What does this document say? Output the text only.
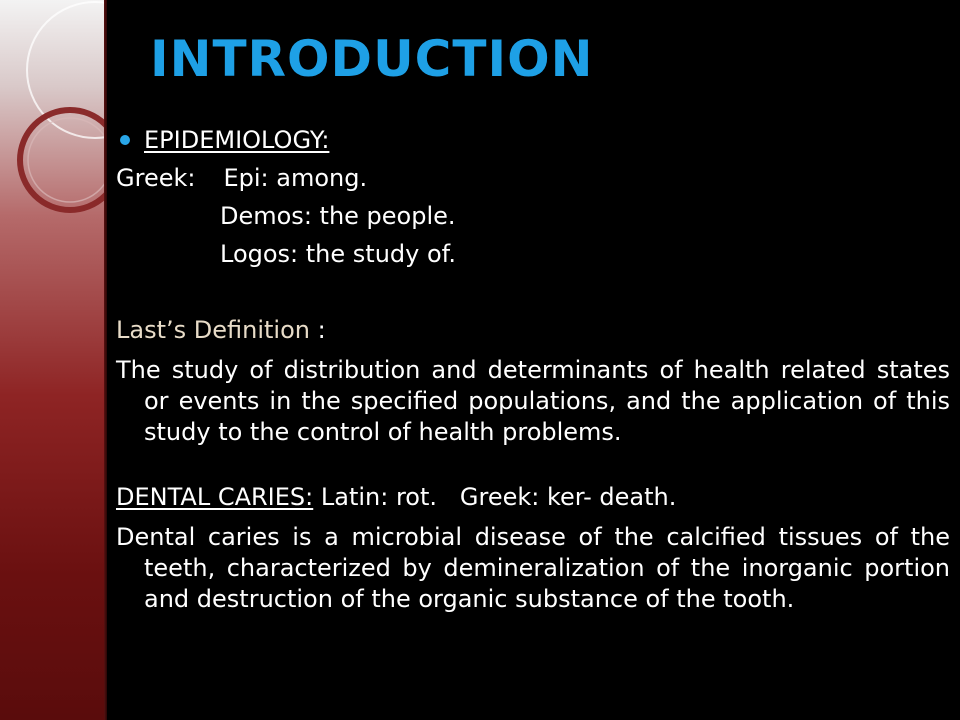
INTRODUCTION
EPIDEMIOLOGY:
Greek: Epi: among.
Demos: the people.
Logos: the study of.
Last’s Definition :

The study of distribution and determinants of health related states or events in the specified populations, and the application of this study to the control of health problems.

DENTAL CARIES: Latin: rot.   Greek: ker- death.

Dental caries is a microbial disease of the calcified tissues of the teeth, characterized by demineralization of the inorganic portion and destruction of the organic substance of the tooth.
